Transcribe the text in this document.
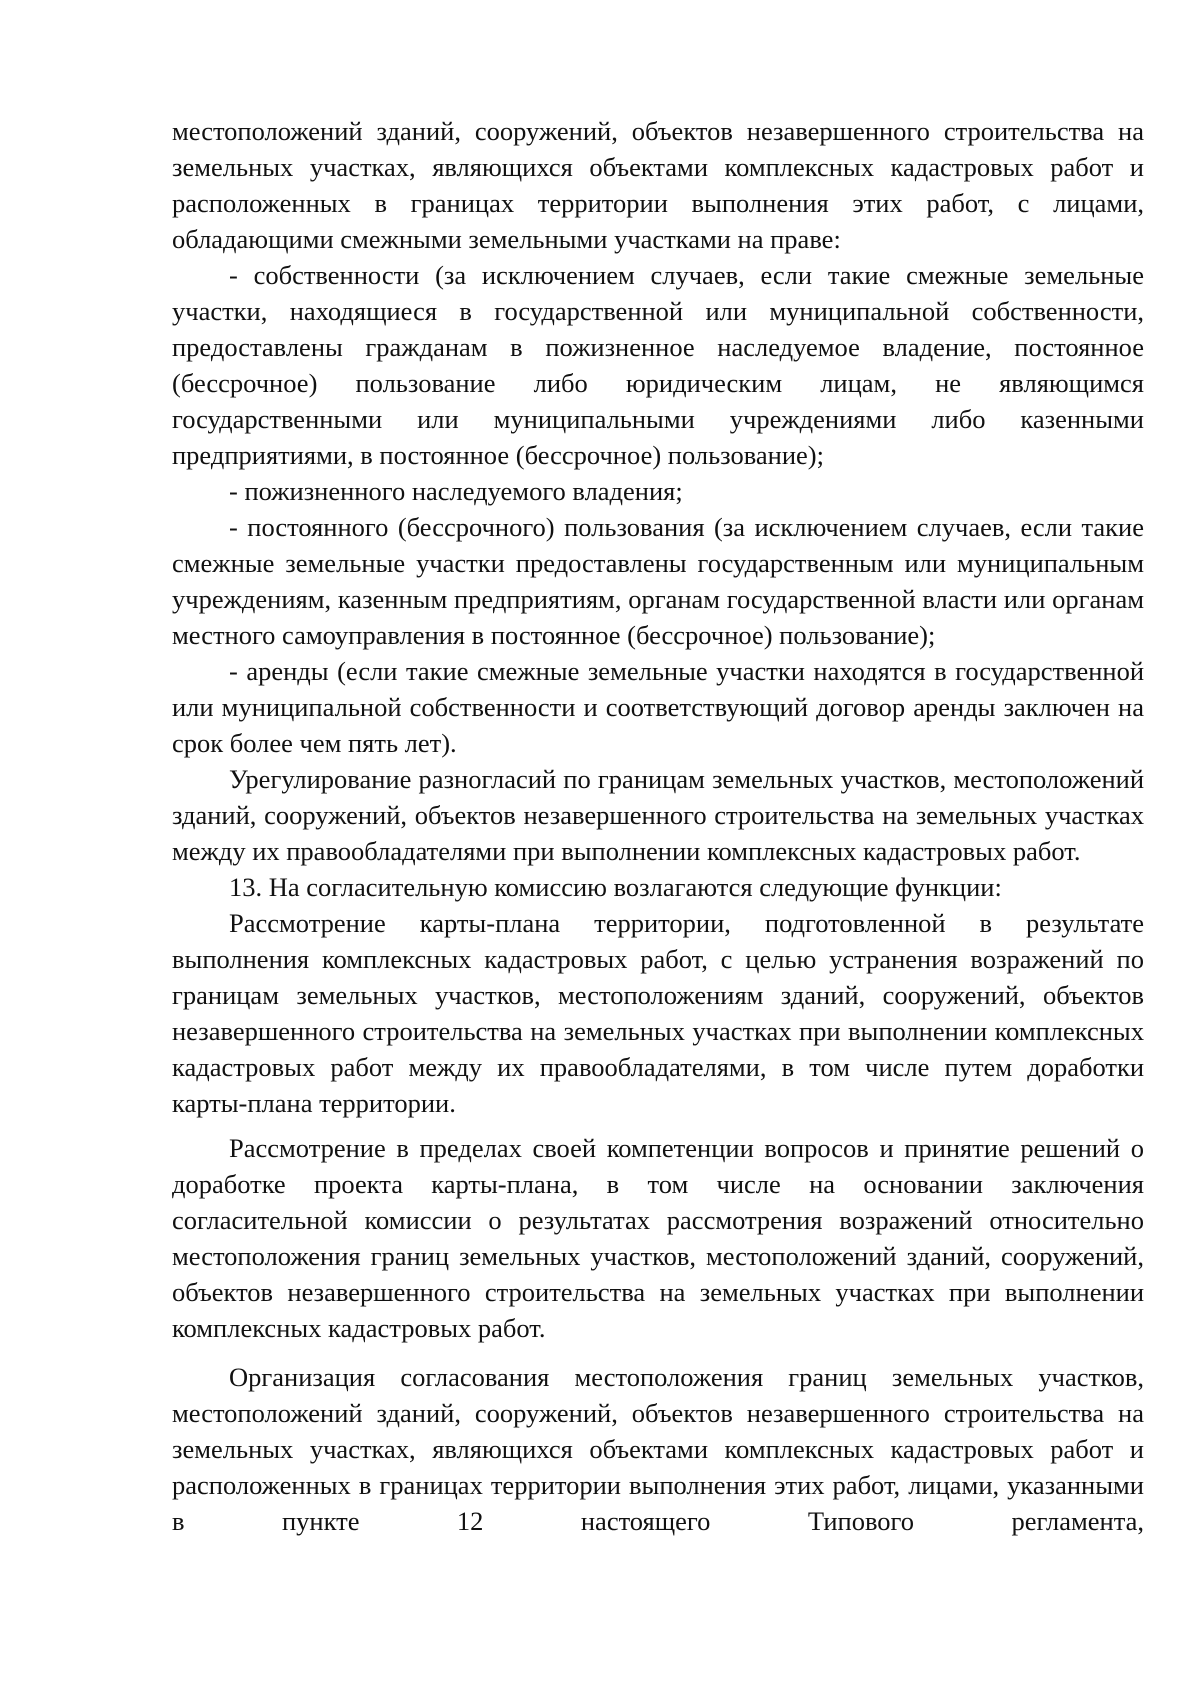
местоположений зданий, сооружений, объектов незавершенного строительства на земельных участках, являющихся объектами комплексных кадастровых работ и расположенных в границах территории выполнения этих работ, с лицами, обладающими смежными земельными участками на праве:

- собственности (за исключением случаев, если такие смежные земельные участки, находящиеся в государственной или муниципальной собственности, предоставлены гражданам в пожизненное наследуемое владение, постоянное (бессрочное) пользование либо юридическим лицам, не являющимся государственными или муниципальными учреждениями либо казенными предприятиями, в постоянное (бессрочное) пользование);

- пожизненного наследуемого владения;

- постоянного (бессрочного) пользования (за исключением случаев, если такие смежные земельные участки предоставлены государственным или муниципальным учреждениям, казенным предприятиям, органам государственной власти или органам местного самоуправления в постоянное (бессрочное) пользование);

- аренды (если такие смежные земельные участки находятся в государственной или муниципальной собственности и соответствующий договор аренды заключен на срок более чем пять лет).

Урегулирование разногласий по границам земельных участков, местоположений зданий, сооружений, объектов незавершенного строительства на земельных участках между их правообладателями при выполнении комплексных кадастровых работ.

13. На согласительную комиссию возлагаются следующие функции:

Рассмотрение карты-плана территории, подготовленной в результате выполнения комплексных кадастровых работ, с целью устранения возражений по границам земельных участков, местоположениям зданий, сооружений, объектов незавершенного строительства на земельных участках при выполнении комплексных кадастровых работ между их правообладателями, в том числе путем доработки карты-плана территории.

Рассмотрение в пределах своей компетенции вопросов и принятие решений о доработке проекта карты-плана, в том числе на основании заключения согласительной комиссии о результатах рассмотрения возражений относительно местоположения границ земельных участков, местоположений зданий, сооружений, объектов незавершенного строительства на земельных участках при выполнении комплексных кадастровых работ.

Организация согласования местоположения границ земельных участков, местоположений зданий, сооружений, объектов незавершенного строительства на земельных участках, являющихся объектами комплексных кадастровых работ и расположенных в границах территории выполнения этих работ, лицами, указанными в пункте 12 настоящего Типового регламента,
